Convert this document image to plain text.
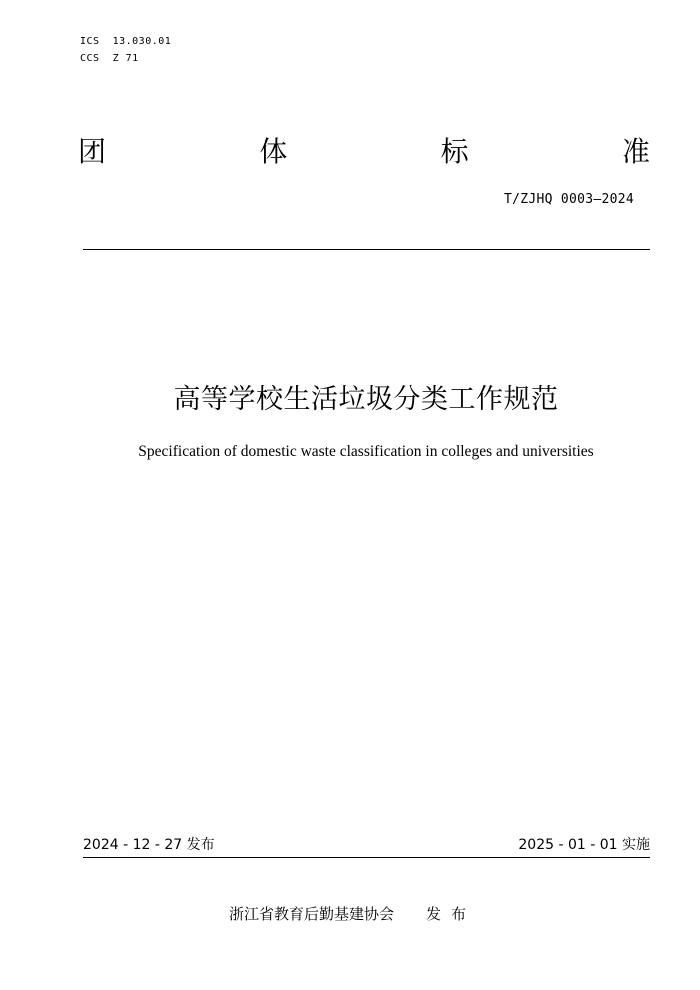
ICS  13.030.01
CCS  Z 71
团	体	标	准
T/ZJHQ 0003—2024
高等学校生活垃圾分类工作规范
Specification of domestic waste classification in colleges and universities
2024 - 12 - 27 发布	2025 - 01 - 01 实施
浙江省教育后勤基建协会 发布
